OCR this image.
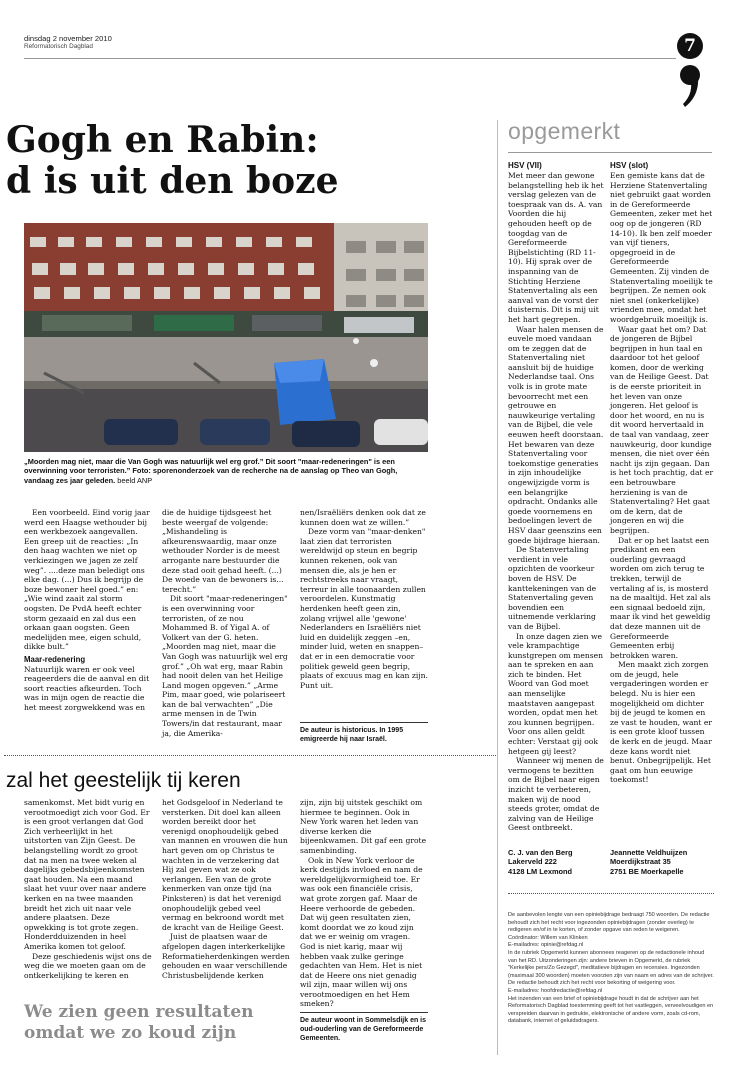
dinsdag 2 november 2010
Reformatorisch Dagblad	7
Gogh en Rabin:
d is uit den boze
„Moorden mag niet, maar die Van Gogh was natuurlijk wel erg grof.” Dit soort "maar-redeneringen" is een overwinning voor terroristen.” Foto: sporenonderzoek van de recherche na de aanslag op Theo van Gogh, vandaag zes jaar geleden. beeld ANP

Een voorbeeld. Eind vorig jaar werd een Haagse wethouder bij een werkbezoek aangevallen. Een greep uit de reacties: „In den haag wachten we niet op verkiezingen we jagen ze zelf weg”. ....deze man beledigt ons elke dag. (...) Dus ik begrijp de boze bewoner heel goed.” en: „Wie wind zaait zal storm oogsten. De PvdA heeft echter storm gezaaid en zal dus een orkaan gaan oogsten. Geen medelijden mee, eigen schuld, dikke bult.”

Maar-redenering

Natuurlijk waren er ook veel reageerders die de aanval en dit soort reacties afkeurden. Toch was in mijn ogen de reactie die het meest zorgwekkend was en

die de huidige tijdsgeest het beste weergaf de volgende: „Mishandeling is afkeurenswaardig, maar onze wethouder Norder is de meest arrogante nare bestuurder die deze stad ooit gehad heeft. (...) De woede van de bewoners is... terecht.”

Dit soort "maar-redeneringen" is een overwinning voor terroristen, of ze nou Mohammed B. of Yigal A. of Volkert van der G. heten. „Moorden mag niet, maar die Van Gogh was natuurlijk wel erg grof.” „Oh wat erg, maar Rabin had nooit delen van het Heilige Land mogen opgeven.” „Arme Pim, maar goed, wie polariseert kan de bal verwachten” „Die arme mensen in de Twin Towers/in dat restaurant, maar ja, die Amerika-

nen/Israëliërs denken ook dat ze kunnen doen wat ze willen.”

Deze vorm van "maar-denken" laat zien dat terroristen wereldwijd op steun en begrip kunnen rekenen, ook van mensen die, als je hen er rechtstreeks naar vraagt, terreur in alle toonaarden zullen veroordelen. Kunstmatig herdenken heeft geen zin, zolang vrijwel alle 'gewone' Nederlanders en Israëliërs niet luid en duidelijk zeggen –en, minder luid, weten en snappen– dat er in een democratie voor politiek geweld geen begrip, plaats of excuus mag en kan zijn. Punt uit.

De auteur is historicus. In 1995 emigreerde hij naar Israël.
zal het geestelijk tij keren

samenkomst. Met bidt vurig en verootmoedigt zich voor God. Er is een groot verlangen dat God Zich verheerlijkt in het uitstorten van Zijn Geest. De belangstelling wordt zo groot dat na men na twee weken al dagelijks gebedsbijeenkomsten gaat houden. Na een maand slaat het vuur over naar andere kerken en na twee maanden breidt het zich uit naar vele andere plaatsen. Deze opwekking is tot grote zegen. Honderdduizenden in heel Amerika komen tot geloof.

Deze geschiedenis wijst ons de weg die we moeten gaan om de ontkerkelijking te keren en

het Godsgeloof in Nederland te versterken. Dit doel kan alleen worden bereikt door het verenigd onophoudelijk gebed van mannen en vrouwen die hun hart geven om op Christus te wachten in de verzekering dat Hij zal geven wat ze ook verlangen. Een van de grote kenmerken van onze tijd (na Pinksteren) is dat het verenigd onophoudelijk gebed veel vermag en bekroond wordt met de kracht van de Heilige Geest.

Juist de plaatsen waar de afgelopen dagen interkerkelijke Reformatieherdenkingen werden gehouden en waar verschillende Christusbelijdende kerken

zijn, zijn bij uitstek geschikt om hiermee te beginnen. Ook in New York waren het leden van diverse kerken die bijeenkwamen. Dit gaf een grote samenbinding.

Ook in New York verloor de kerk destijds invloed en nam de wereldgelijkvormigheid toe. Er was ook een financiële crisis, wat grote zorgen gaf. Maar de Heere verhoorde de gebeden. Dat wij geen resultaten zien, komt doordat we zo koud zijn dat we er weinig om vragen. God is niet karig, maar wij hebben vaak zulke geringe gedachten van Hem. Het is niet dat de Heere ons niet genadig wil zijn, maar willen wij ons verootmoedigen en het Hem smeken?

We zien geen resultaten omdat we zo koud zijn
De auteur woont in Sommelsdijk en is oud-ouderling van de Gereformeerde Gemeenten.
opgemerkt
HSV (VII)

Met meer dan gewone belangstelling heb ik het verslag gelezen van de toespraak van ds. A. van Voorden die hij gehouden heeft op de toogdag van de Gereformeerde Bijbelstichting (RD 11-10). Hij sprak over de inspanning van de Stichting Herziene Statenvertaling als een aanval van de vorst der duisternis. Dit is mij uit het hart gegrepen.

Waar halen mensen de euvele moed vandaan om te zeggen dat de Statenvertaling niet aansluit bij de huidige Nederlandse taal. Ons volk is in grote mate bevoorrecht met een getrouwe en nauwkeurige vertaling van de Bijbel, die vele eeuwen heeft doorstaan. Het bewaren van deze Statenvertaling voor toekomstige generaties in zijn inhoudelijke ongewijzigde vorm is een belangrijke opdracht. Ondanks alle goede voornemens en bedoelingen levert de HSV daar geenszins een goede bijdrage hieraan.

De Statenvertaling verdient in vele opzichten de voorkeur boven de HSV. De kanttekeningen van de Statenvertaling geven bovendien een uitnemende verklaring van de Bijbel.

In onze dagen zien we vele krampachtige kunstgrepen om mensen aan te spreken en aan zich te binden. Het Woord van God moet aan menselijke maatstaven aangepast worden, opdat men het zou kunnen begrijpen. Voor ons allen geldt echter: Verstaat gij ook hetgeen gij leest?

Wanneer wij menen de vermogens te bezitten om de Bijbel naar eigen inzicht te verbeteren, maken wij de nood steeds groter, omdat de zalving van de Heilige Geest ontbreekt.

C. J. van den Berg
Lakerveld 222
4128 LM Lexmond
HSV (slot)

Een gemiste kans dat de Herziene Statenvertaling niet gebruikt gaat worden in de Gereformeerde Gemeenten, zeker met het oog op de jongeren (RD 14-10). Ik ben zelf moeder van vijf tieners, opgegroeid in de Gereformeerde Gemeenten. Zij vinden de Statenvertaling moeilijk te begrijpen. Ze nemen ook niet snel (onkerkelijke) vrienden mee, omdat het woordgebruik moeilijk is.

Waar gaat het om? Dat de jongeren de Bijbel begrijpen in hun taal en daardoor tot het geloof komen, door de werking van de Heilige Geest. Dat is de eerste prioriteit in het leven van onze jongeren. Het geloof is door het woord, en nu is dit woord hervertaald in de taal van vandaag, zeer nauwkeurig, door kundige mensen, die niet over één nacht ijs zijn gegaan. Dan is het toch prachtig, dat er een betrouwbare herziening is van de Statenvertaling? Het gaat om de kern, dat de jongeren en wij die begrijpen.

Dat er op het laatst een predikant en een ouderling gevraagd worden om zich terug te trekken, terwijl de vertaling af is, is mosterd na de maaltijd. Het zal als een signaal bedoeld zijn, maar ik vind het geweldig dat deze mannen uit de Gereformeerde Gemeenten erbij betrokken waren.

Men maakt zich zorgen om de jeugd, hele vergaderingen worden er belegd. Nu is hier een mogelijkheid om dichter bij de jeugd te komen en ze vast te houden, want er is een grote kloof tussen de kerk en de jeugd. Maar deze kans wordt niet benut. Onbegrijpelijk. Het gaat om hun eeuwige toekomst!

Jeannette Veldhuijzen
Moerdijkstraat 35
2751 BE Moerkapelle
De aanbevolen lengte van een opiniebijdrage bedraagt 750 woorden. De redactie behoudt zich het recht voor ingezonden opiniebijdragen (zonder overleg) te redigeren en/of in te korten, of zonder opgave van reden te weigeren.
Coördinator: Willem van Klinken
E-mailadres: opinie@refdag.nl
In de rubriek Opgemerkt kunnen abonnees reageren op de redactionele inhoud van het RD. Uitzonderingen zijn: andere brieven in Opgemerkt, de rubriek "Kerkelijke pers/Zo Gezegd", meditatieve bijdragen en recensies. Ingezonden (maximaal 300 woorden) moeten voorzien zijn van naam en adres van de schrijver. De redactie behoudt zich het recht voor bekorting of weigering voor.
E-mailadres: hoofdredactie@refdag.nl
Het inzenden van een brief of opiniebijdrage houdt in dat de schrijver aan het Reformatorisch Dagblad toestemming geeft tot het vastleggen, verveelvoudigen en verspreiden daarvan in gedrukte, elektronische of andere vorm, zoals cd-rom, databank, internet of geluidsdragers.
